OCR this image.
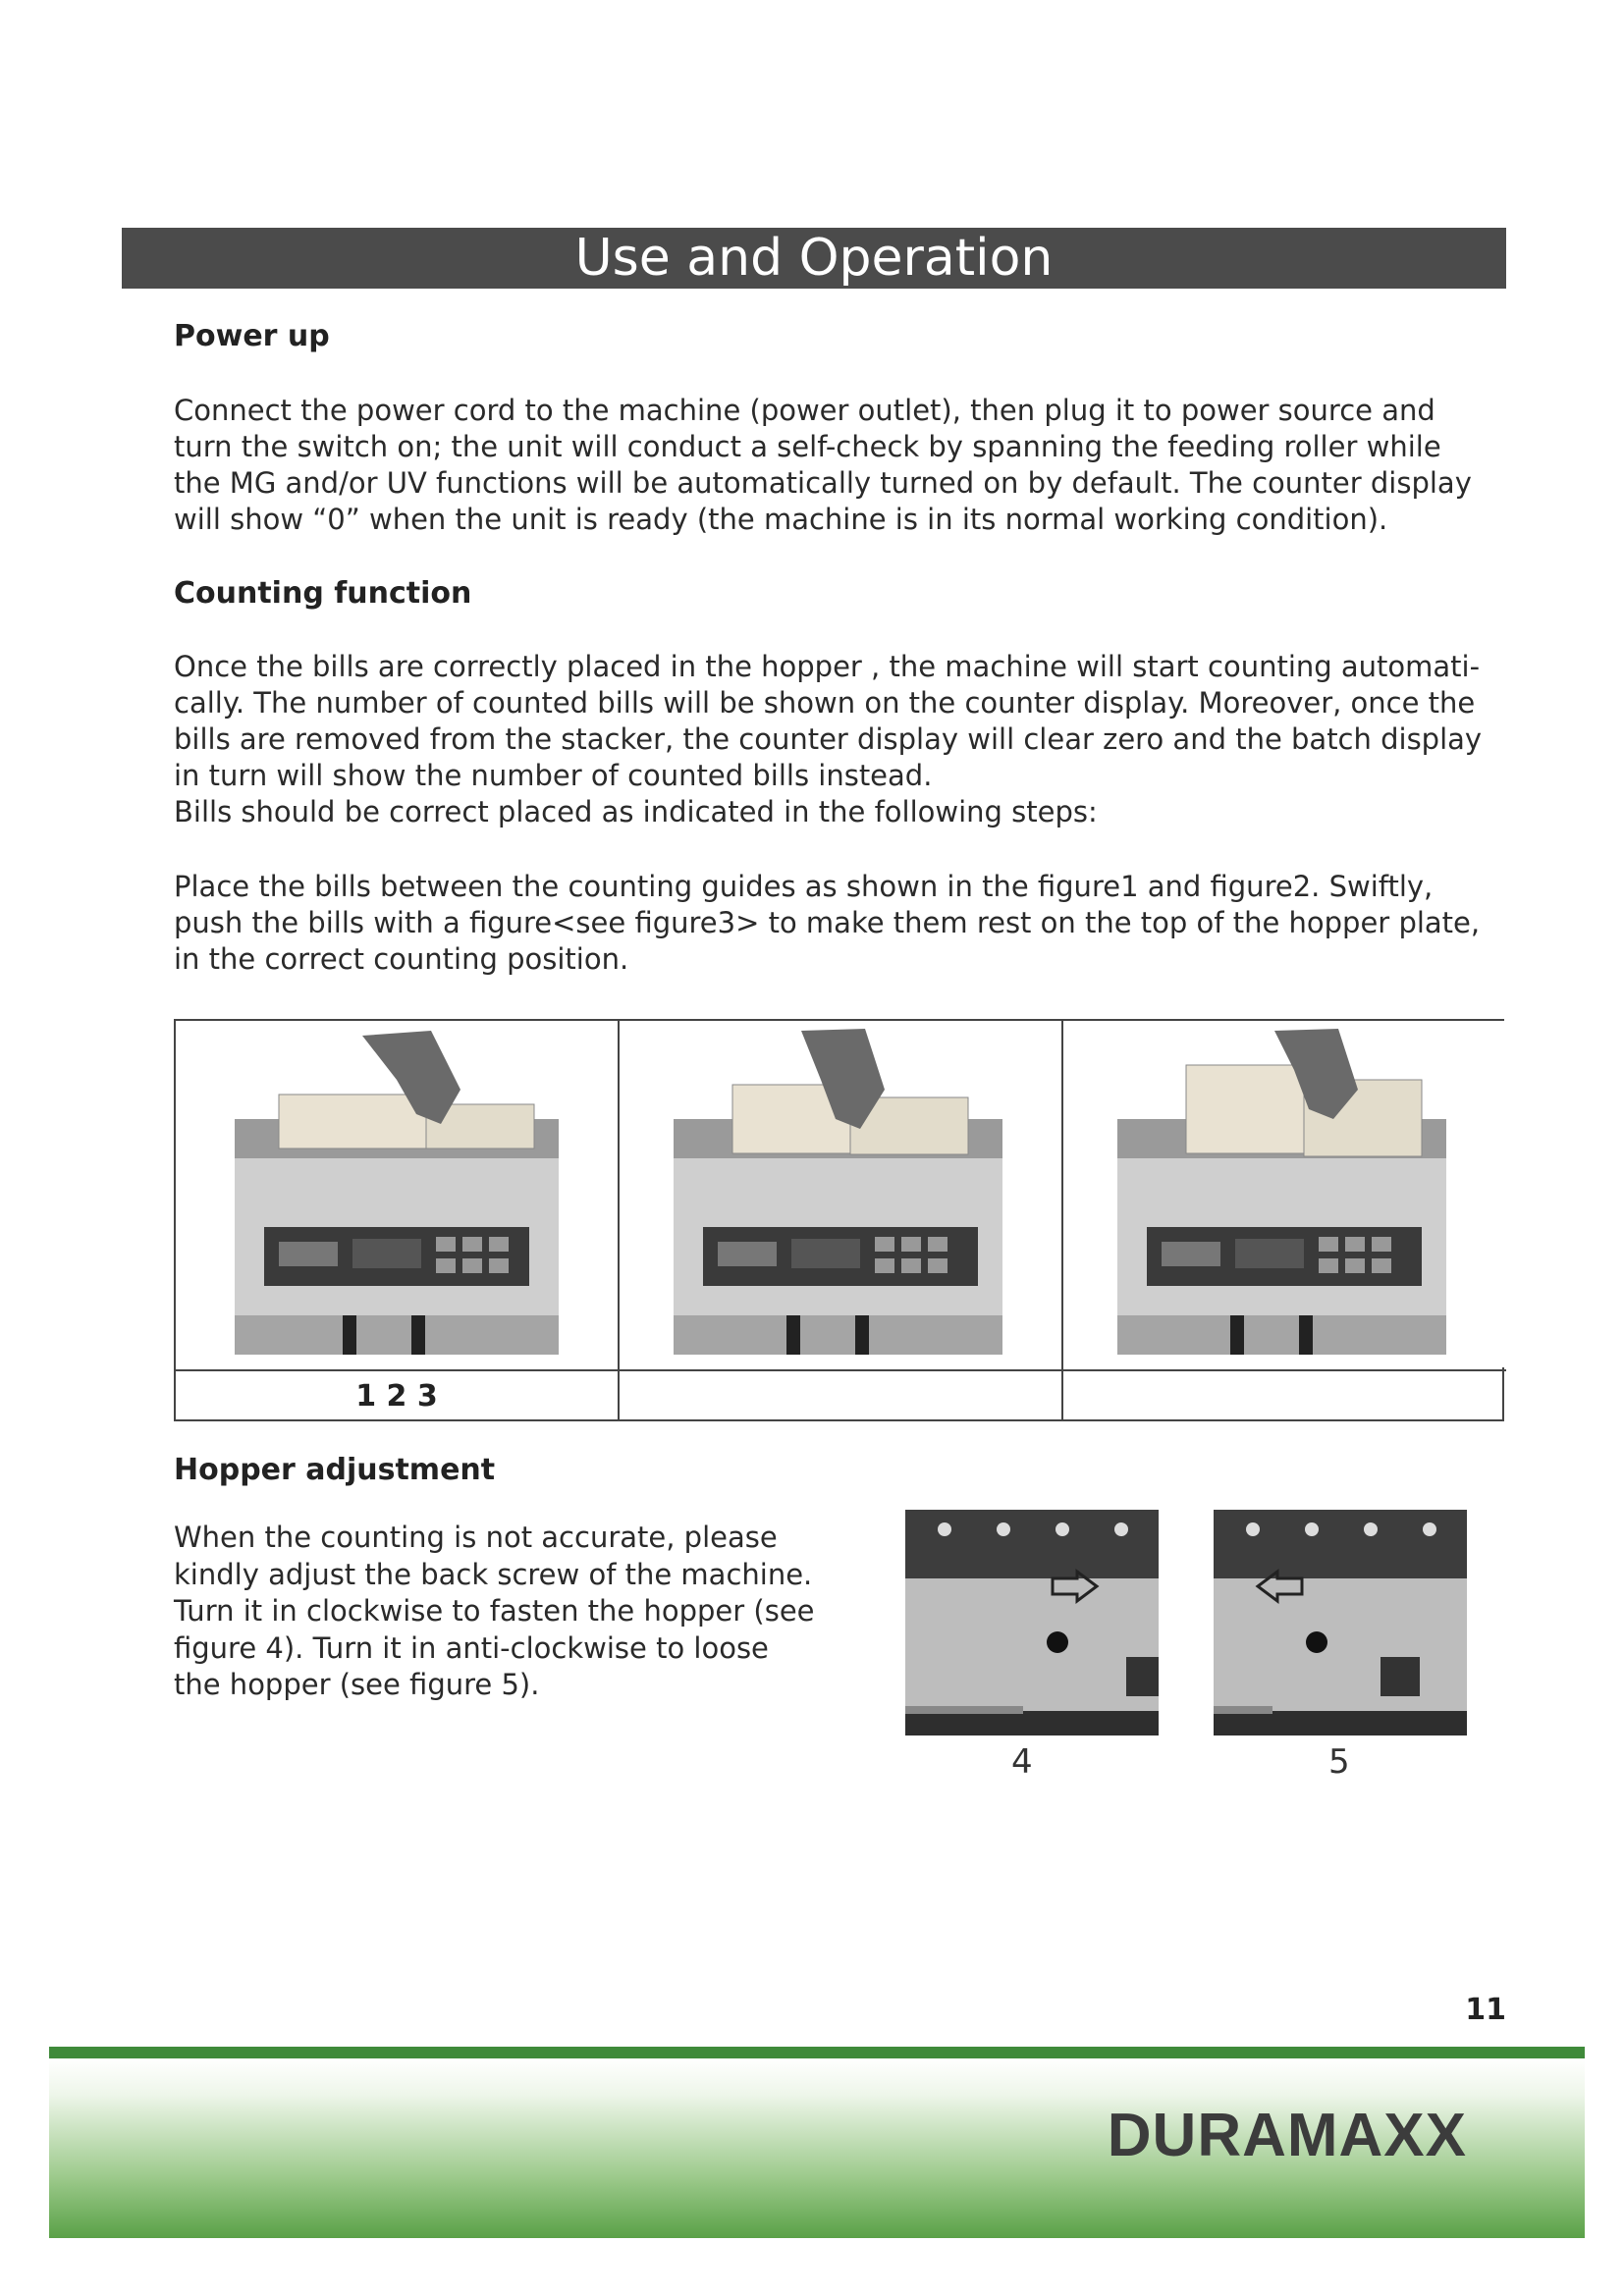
Use and Operation
Power up
Connect the power cord to the machine (power outlet), then plug it to power source and
turn the switch on; the unit will conduct a self-check by spanning the feeding roller while
the MG and/or UV functions will be automatically turned on by default. The counter display
will show “0” when the unit is ready (the machine is in its normal working condition).
Counting function
Once the bills are correctly placed in the hopper , the machine will start counting automati-
cally. The number of counted bills will be shown on the counter display. Moreover, once the
bills are removed from the stacker, the counter display will clear zero and the batch display
in turn will show the number of counted bills instead.
Bills should be correct placed as indicated in the following steps:
Place the bills between the counting guides as shown in the figure1 and figure2. Swiftly,
push the bills with a figure<see figure3> to make them rest on the top of the hopper plate,
in the correct counting position.
1 2 3
Hopper adjustment
When the counting is not accurate, please
kindly adjust the back screw of the machine.
Turn it in clockwise to fasten the hopper (see
figure 4). Turn it in anti-clockwise to loose
the hopper (see figure 5).
4	5
11
DURAMAXX
